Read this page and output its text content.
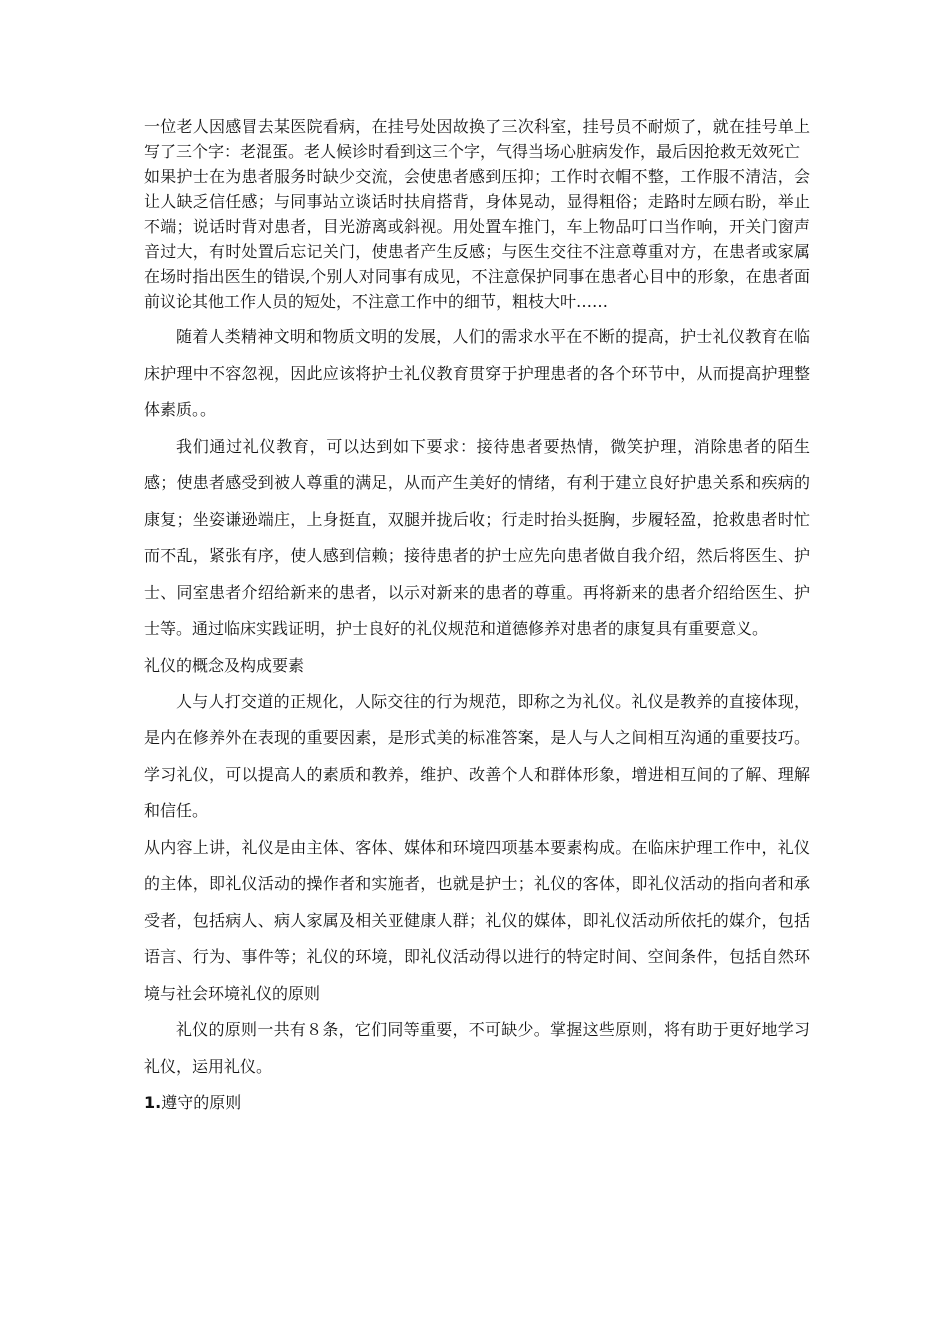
一位老人因感冒去某医院看病，在挂号处因故换了三次科室，挂号员不耐烦了，就在挂号单上写了三个字：老混蛋。老人候诊时看到这三个字，气得当场心脏病发作，最后因抢救无效死亡

如果护士在为患者服务时缺少交流，会使患者感到压抑；工作时衣帽不整，工作服不清洁，会让人缺乏信任感；与同事站立谈话时扶肩搭背，身体晃动，显得粗俗；走路时左顾右盼，举止不端；说话时背对患者，目光游离或斜视。用处置车推门，车上物品叮口当作响，开关门窗声音过大，有时处置后忘记关门，使患者产生反感；与医生交往不注意尊重对方，在患者或家属在场时指出医生的错误,个别人对同事有成见，不注意保护同事在患者心目中的形象，在患者面前议论其他工作人员的短处，不注意工作中的细节，粗枝大叶……

随着人类精神文明和物质文明的发展，人们的需求水平在不断的提高，护士礼仪教育在临床护理中不容忽视，因此应该将护士礼仪教育贯穿于护理患者的各个环节中，从而提高护理整体素质。。

我们通过礼仪教育，可以达到如下要求：接待患者要热情，微笑护理，消除患者的陌生感；使患者感受到被人尊重的满足，从而产生美好的情绪，有利于建立良好护患关系和疾病的康复；坐姿谦逊端庄，上身挺直，双腿并拢后收；行走时抬头挺胸，步履轻盈，抢救患者时忙而不乱，紧张有序，使人感到信赖；接待患者的护士应先向患者做自我介绍，然后将医生、护士、同室患者介绍给新来的患者，以示对新来的患者的尊重。再将新来的患者介绍给医生、护士等。通过临床实践证明，护士良好的礼仪规范和道德修养对患者的康复具有重要意义。

礼仪的概念及构成要素

人与人打交道的正规化，人际交往的行为规范，即称之为礼仪。礼仪是教养的直接体现，是内在修养外在表现的重要因素，是形式美的标准答案，是人与人之间相互沟通的重要技巧。学习礼仪，可以提高人的素质和教养，维护、改善个人和群体形象，增进相互间的了解、理解和信任。

从内容上讲，礼仪是由主体、客体、媒体和环境四项基本要素构成。在临床护理工作中，礼仪的主体，即礼仪活动的操作者和实施者，也就是护士；礼仪的客体，即礼仪活动的指向者和承受者，包括病人、病人家属及相关亚健康人群；礼仪的媒体，即礼仪活动所依托的媒介，包括语言、行为、事件等；礼仪的环境，即礼仪活动得以进行的特定时间、空间条件，包括自然环境与社会环境礼仪的原则

礼仪的原则一共有８条，它们同等重要，不可缺少。掌握这些原则，将有助于更好地学习礼仪，运用礼仪。

1.遵守的原则
